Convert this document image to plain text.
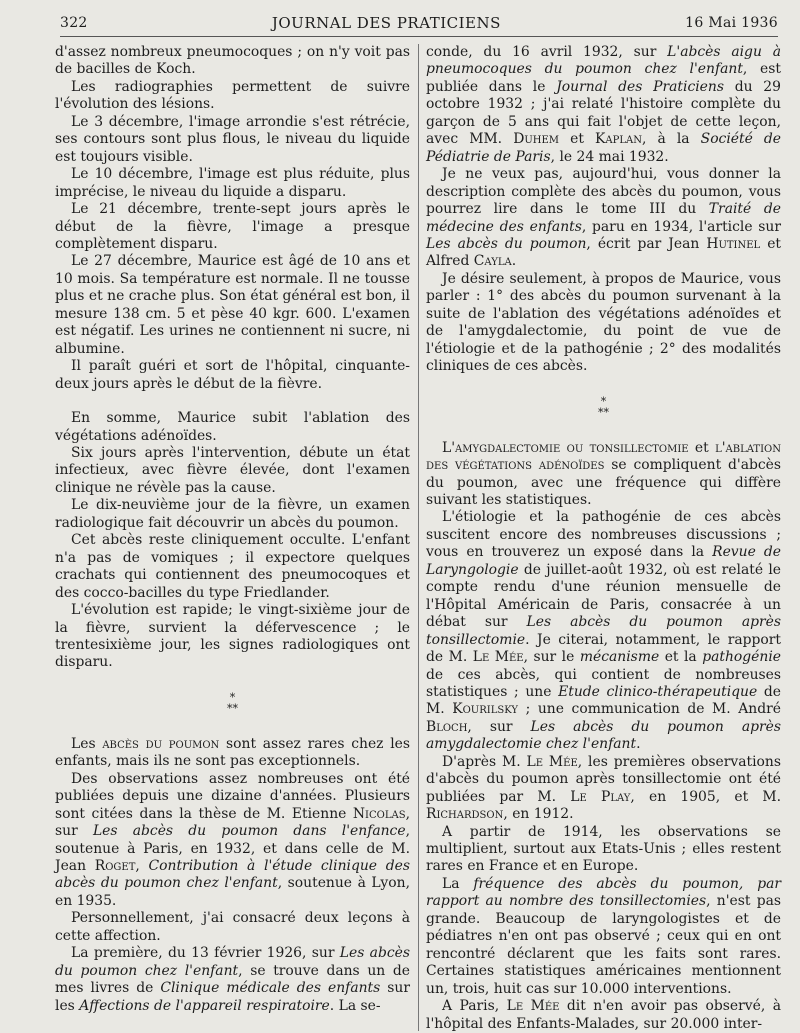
322	JOURNAL DES PRATICIENS	16 Mai 1936

d'assez nombreux pneumocoques ; on n'y voit pas de bacilles de Koch.

Les radiographies permettent de suivre l'évolution des lésions.

Le 3 décembre, l'image arrondie s'est rétrécie, ses contours sont plus flous, le niveau du liquide est toujours visible.

Le 10 décembre, l'image est plus réduite, plus imprécise, le niveau du liquide a disparu.

Le 21 décembre, trente-sept jours après le début de la fièvre, l'image a presque complètement disparu.

Le 27 décembre, Maurice est âgé de 10 ans et 10 mois. Sa température est normale. Il ne tousse plus et ne crache plus. Son état général est bon, il mesure 138 cm. 5 et pèse 40 kgr. 600. L'examen est négatif. Les urines ne contiennent ni sucre, ni albumine.

Il paraît guéri et sort de l'hôpital, cinquante-deux jours après le début de la fièvre.

En somme, Maurice subit l'ablation des végétations adénoïdes.

Six jours après l'intervention, débute un état infectieux, avec fièvre élevée, dont l'examen clinique ne révèle pas la cause.

Le dix-neuvième jour de la fièvre, un examen radiologique fait découvrir un abcès du poumon.

Cet abcès reste cliniquement occulte. L'enfant n'a pas de vomiques ; il expectore quelques crachats qui contiennent des pneumocoques et des cocco-bacilles du type Friedlander.

L'évolution est rapide; le vingt-sixième jour de la fièvre, survient la défervescence ; le trentesixième jour, les signes radiologiques ont disparu.

*
**

Les abcès du poumon sont assez rares chez les enfants, mais ils ne sont pas exceptionnels.

Des observations assez nombreuses ont été publiées depuis une dizaine d'années. Plusieurs sont citées dans la thèse de M. Etienne Nicolas, sur Les abcès du poumon dans l'enfance, soutenue à Paris, en 1932, et dans celle de M. Jean Roget, Contribution à l'étude clinique des abcès du poumon chez l'enfant, soutenue à Lyon, en 1935.

Personnellement, j'ai consacré deux leçons à cette affection.

La première, du 13 février 1926, sur Les abcès du poumon chez l'enfant, se trouve dans un de mes livres de Clinique médicale des enfants sur les Affections de l'appareil respiratoire. La se-

conde, du 16 avril 1932, sur L'abcès aigu à pneumocoques du poumon chez l'enfant, est publiée dans le Journal des Praticiens du 29 octobre 1932 ; j'ai relaté l'histoire complète du garçon de 5 ans qui fait l'objet de cette leçon, avec MM. Duhem et Kaplan, à la Société de Pédiatrie de Paris, le 24 mai 1932.

Je ne veux pas, aujourd'hui, vous donner la description complète des abcès du poumon, vous pourrez lire dans le tome III du Traité de médecine des enfants, paru en 1934, l'article sur Les abcès du poumon, écrit par Jean Hutinel et Alfred Cayla.

Je désire seulement, à propos de Maurice, vous parler : 1° des abcès du poumon survenant à la suite de l'ablation des végétations adénoïdes et de l'amygdalectomie, du point de vue de l'étiologie et de la pathogénie ; 2° des modalités cliniques de ces abcès.

*
**

L'amygdalectomie ou tonsillectomie et l'ablation des végétations adénoïdes se compliquent d'abcès du poumon, avec une fréquence qui diffère suivant les statistiques.

L'étiologie et la pathogénie de ces abcès suscitent encore des nombreuses discussions ; vous en trouverez un exposé dans la Revue de Laryngologie de juillet-août 1932, où est relaté le compte rendu d'une réunion mensuelle de l'Hôpital Américain de Paris, consacrée à un débat sur Les abcès du poumon après tonsillectomie. Je citerai, notamment, le rapport de M. Le Mée, sur le mécanisme et la pathogénie de ces abcès, qui contient de nombreuses statistiques ; une Etude clinico-thérapeutique de M. Kourilsky ; une communication de M. André Bloch, sur Les abcès du poumon après amygdalectomie chez l'enfant.

D'après M. Le Mée, les premières observations d'abcès du poumon après tonsillectomie ont été publiées par M. Le Play, en 1905, et M. Richardson, en 1912.

A partir de 1914, les observations se multiplient, surtout aux Etats-Unis ; elles restent rares en France et en Europe.

La fréquence des abcès du poumon, par rapport au nombre des tonsillectomies, n'est pas grande. Beaucoup de laryngologistes et de pédiatres n'en ont pas observé ; ceux qui en ont rencontré déclarent que les faits sont rares. Certaines statistiques américaines mentionnent un, trois, huit cas sur 10.000 interventions.

A Paris, Le Mée dit n'en avoir pas observé, à l'hôpital des Enfants-Malades, sur 20.000 inter-
